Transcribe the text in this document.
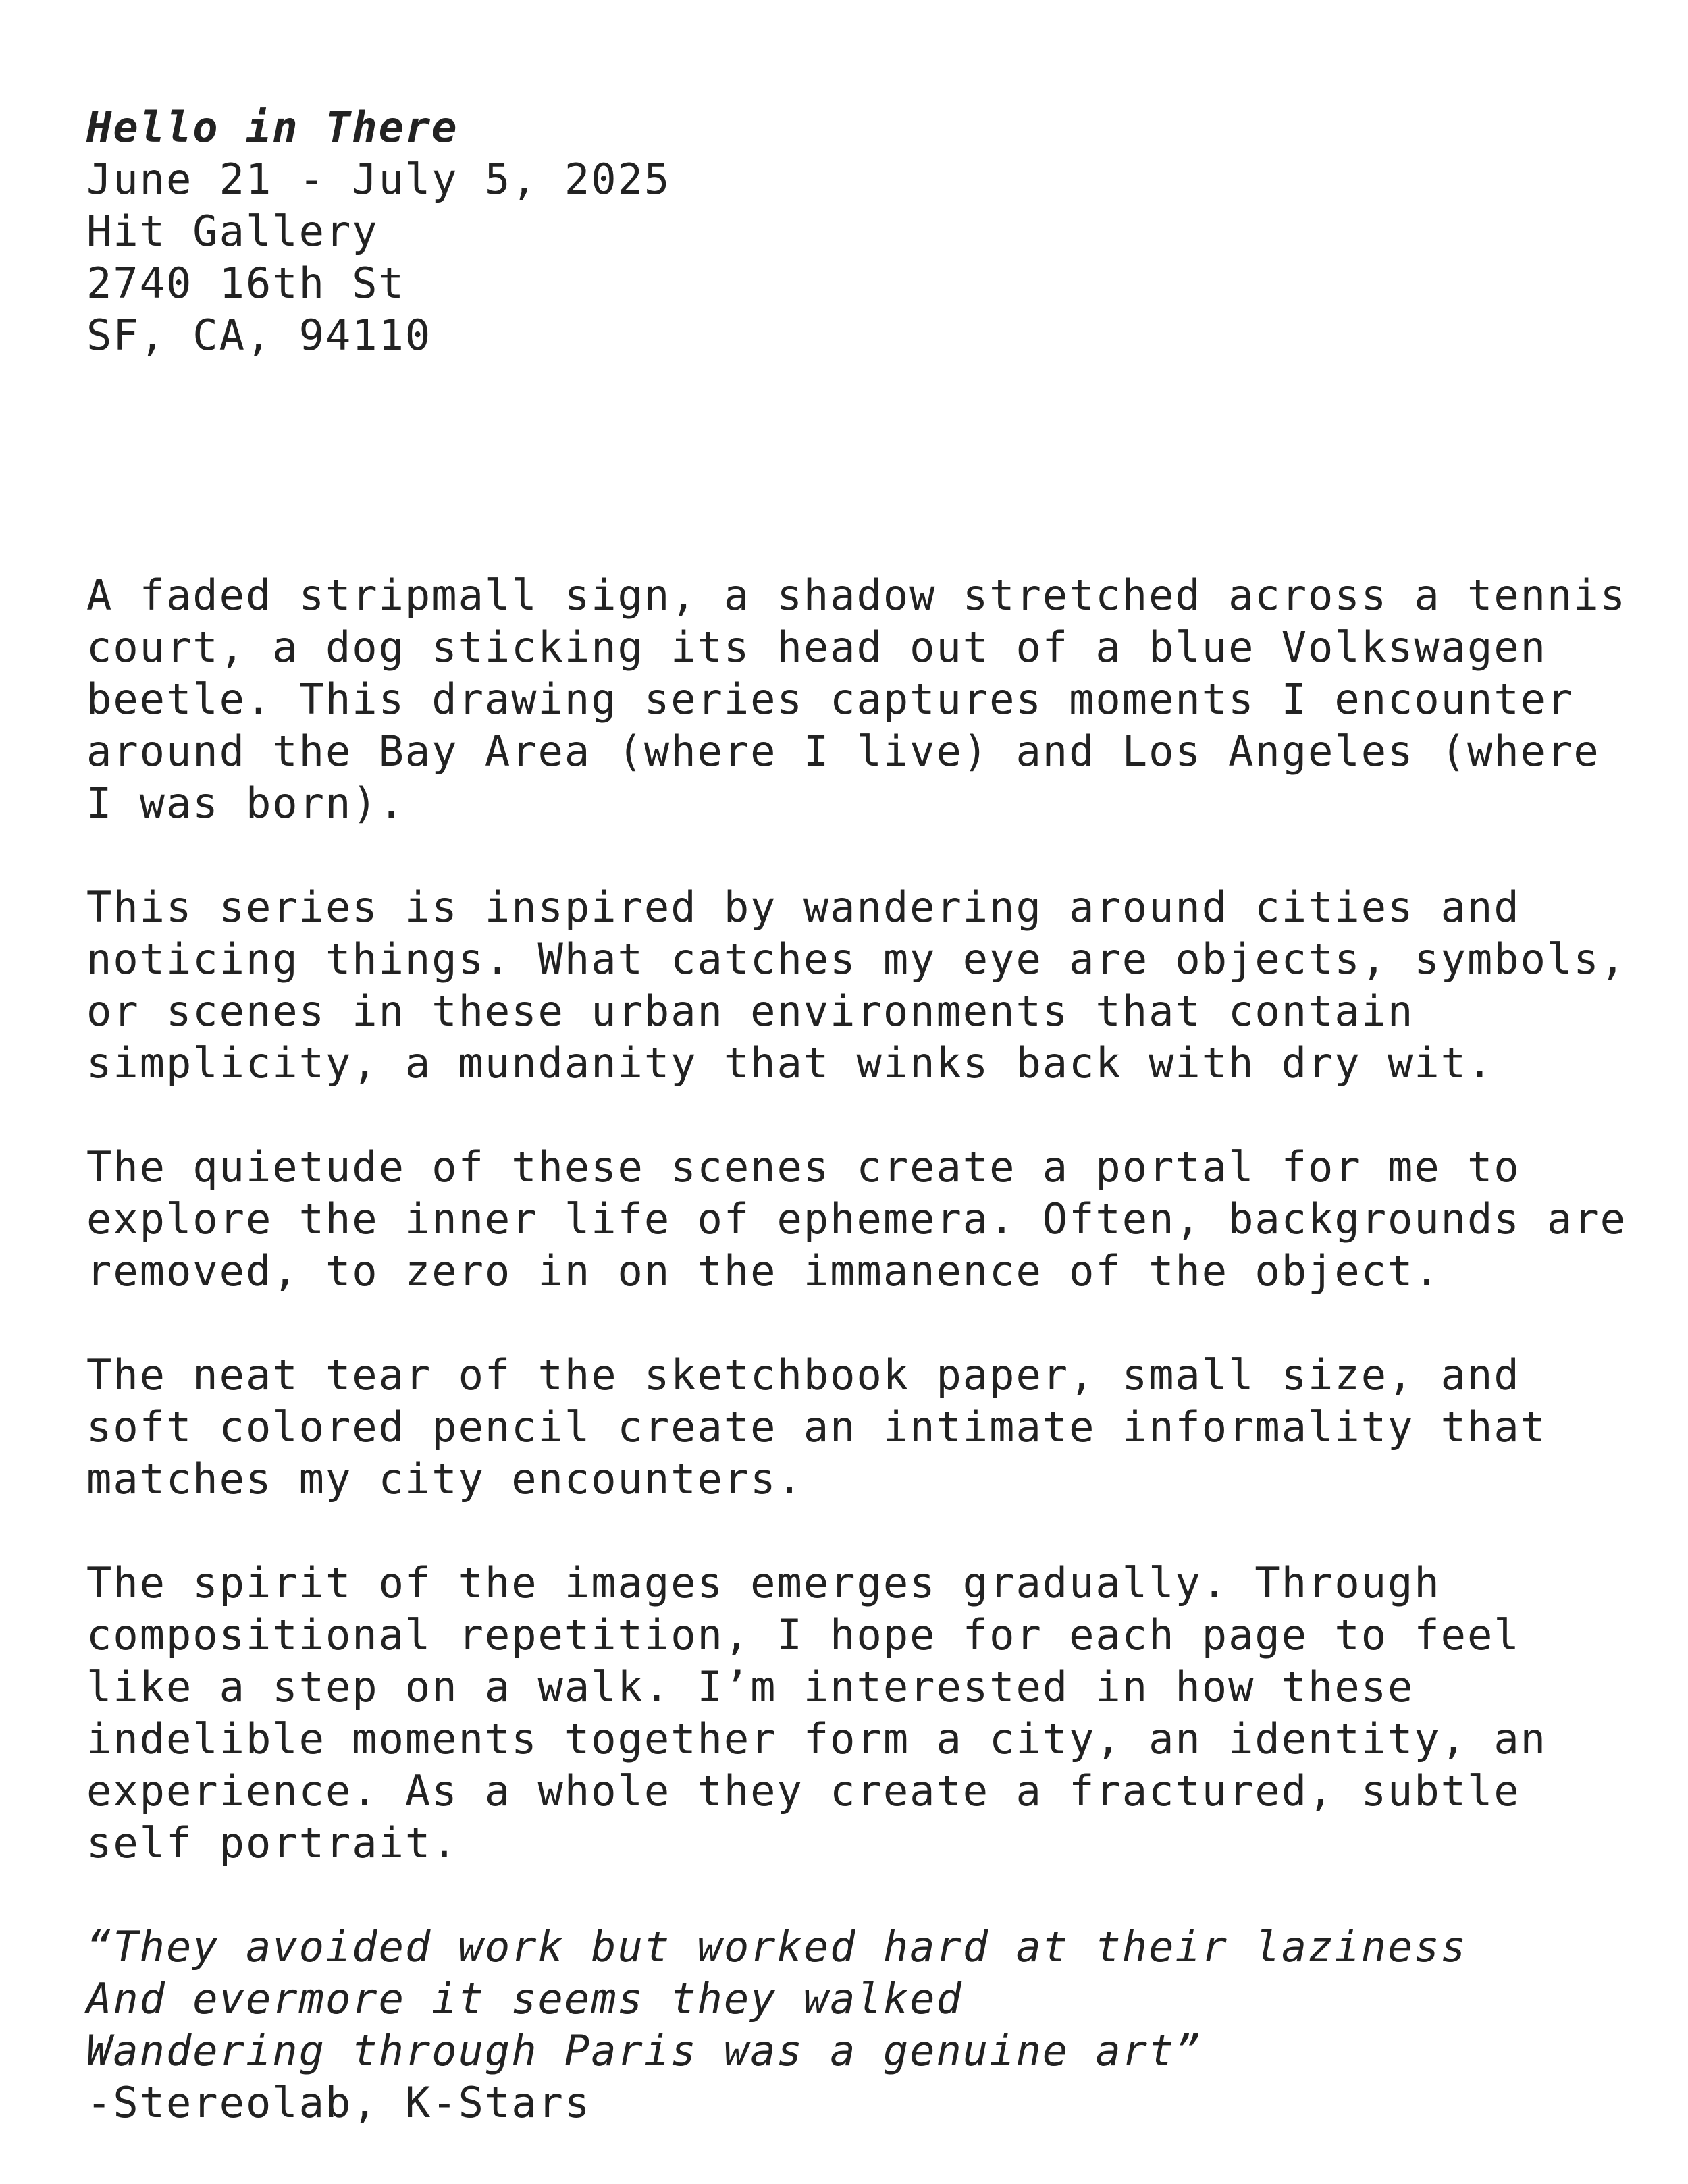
Hello in There
June 21 - July 5, 2025
Hit Gallery
2740 16th St
SF, CA, 94110
A faded stripmall sign, a shadow stretched across a tennis
court, a dog sticking its head out of a blue Volkswagen
beetle. This drawing series captures moments I encounter
around the Bay Area (where I live) and Los Angeles (where
I was born).
This series is inspired by wandering around cities and
noticing things. What catches my eye are objects, symbols,
or scenes in these urban environments that contain
simplicity, a mundanity that winks back with dry wit.
The quietude of these scenes create a portal for me to
explore the inner life of ephemera. Often, backgrounds are
removed, to zero in on the immanence of the object.
The neat tear of the sketchbook paper, small size, and
soft colored pencil create an intimate informality that
matches my city encounters.
The spirit of the images emerges gradually. Through
compositional repetition, I hope for each page to feel
like a step on a walk. I’m interested in how these
indelible moments together form a city, an identity, an
experience. As a whole they create a fractured, subtle
self portrait.
“They avoided work but worked hard at their laziness
And evermore it seems they walked
Wandering through Paris was a genuine art”
-Stereolab, K-Stars
